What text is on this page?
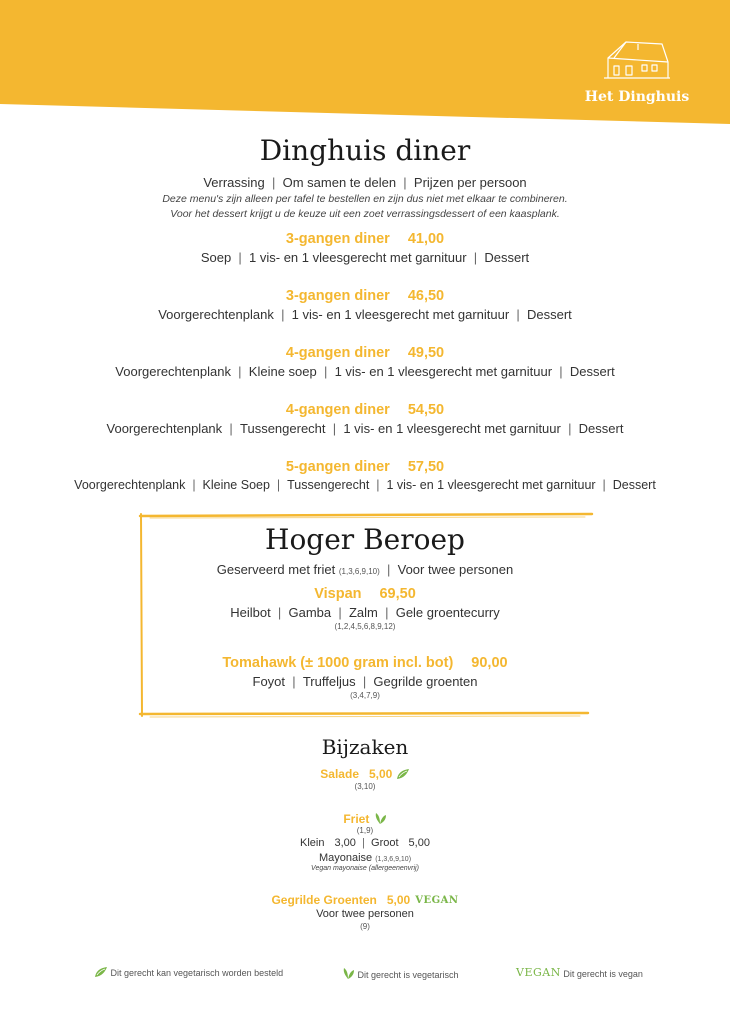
Het Dinghuis
Dinghuis diner
Verrassing  |  Om samen te delen  |  Prijzen per persoon
Deze menu's zijn alleen per tafel te bestellen en zijn dus niet met elkaar te combineren.
Voor het dessert krijgt u de keuze uit een zoet verrassingsdessert of een kaasplank.
3-gangen diner 41,00
Soep  |  1 vis- en 1 vleesgerecht met garnituur  |  Dessert
3-gangen diner 46,50
Voorgerechtenplank  |  1 vis- en 1 vleesgerecht met garnituur  |  Dessert
4-gangen diner 49,50
Voorgerechtenplank  |  Kleine soep  |  1 vis- en 1 vleesgerecht met garnituur  |  Dessert
4-gangen diner 54,50
Voorgerechtenplank  |  Tussengerecht  |  1 vis- en 1 vleesgerecht met garnituur  |  Dessert
5-gangen diner 57,50
Voorgerechtenplank  |  Kleine Soep  |  Tussengerecht  |  1 vis- en 1 vleesgerecht met garnituur  |  Dessert
Hoger Beroep
Geserveerd met friet (1,3,6,9,10)  |  Voor twee personen
Vispan 69,50
Heilbot  |  Gamba  |  Zalm  |  Gele groentecurry
(1,2,4,5,6,8,9,12)
Tomahawk (± 1000 gram incl. bot) 90,00
Foyot  |  Truffeljus  |  Gegrilde groenten
(3,4,7,9)
Bijzaken
Salade 5,00
(3,10)
Friet
(1,9)
Klein 3,00  |  Groot 5,00
Mayonaise (1,3,6,9,10)
Vegan mayonaise (allergeenenvrij)
Gegrilde Groenten 5,00 VEGAN
Voor twee personen
(9)
Dit gerecht kan vegetarisch worden besteld	Dit gerecht is vegetarisch	VEGAN Dit gerecht is vegan
